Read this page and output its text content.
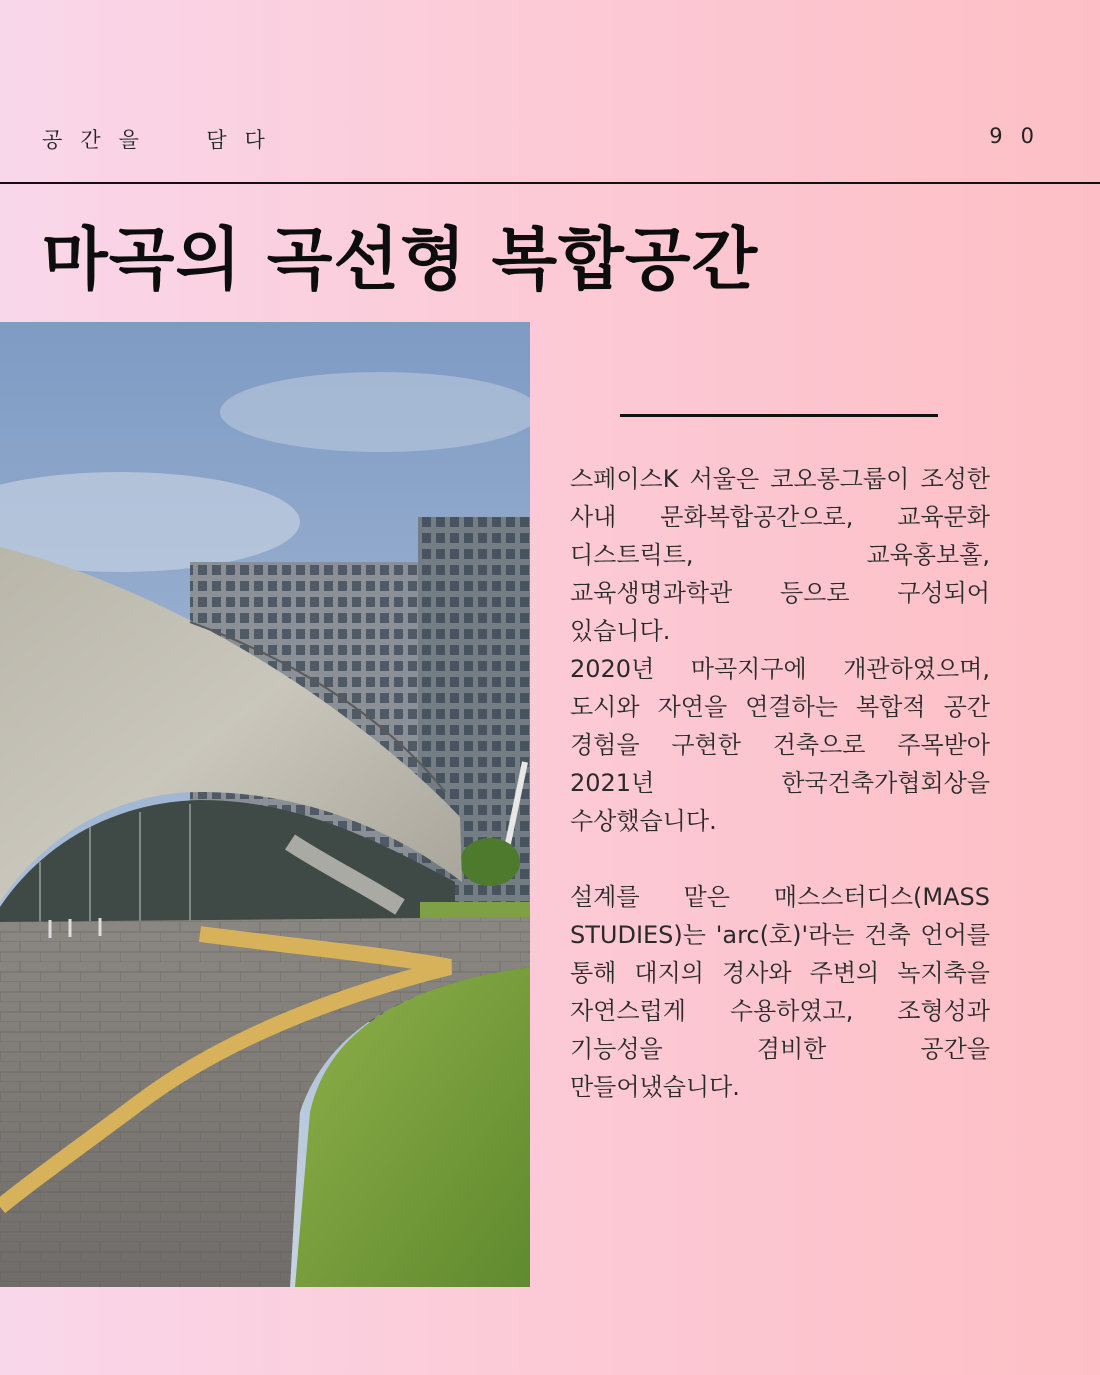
공간을  담다	90
마곡의 곡선형 복합공간

스페이스K 서울은 코오롱그룹이 조성한 사내 문화복합공간으로, 교육문화 디스트릭트, 교육홍보홀, 교육생명과학관 등으로 구성되어 있습니다.

2020년 마곡지구에 개관하였으며, 도시와 자연을 연결하는 복합적 공간 경험을 구현한 건축으로 주목받아 2021년 한국건축가협회상을 수상했습니다.

설계를 맡은 매스스터디스(MASS STUDIES)는 'arc(호)'라는 건축 언어를 통해 대지의 경사와 주변의 녹지축을 자연스럽게 수용하였고, 조형성과 기능성을 겸비한 공간을 만들어냈습니다.
